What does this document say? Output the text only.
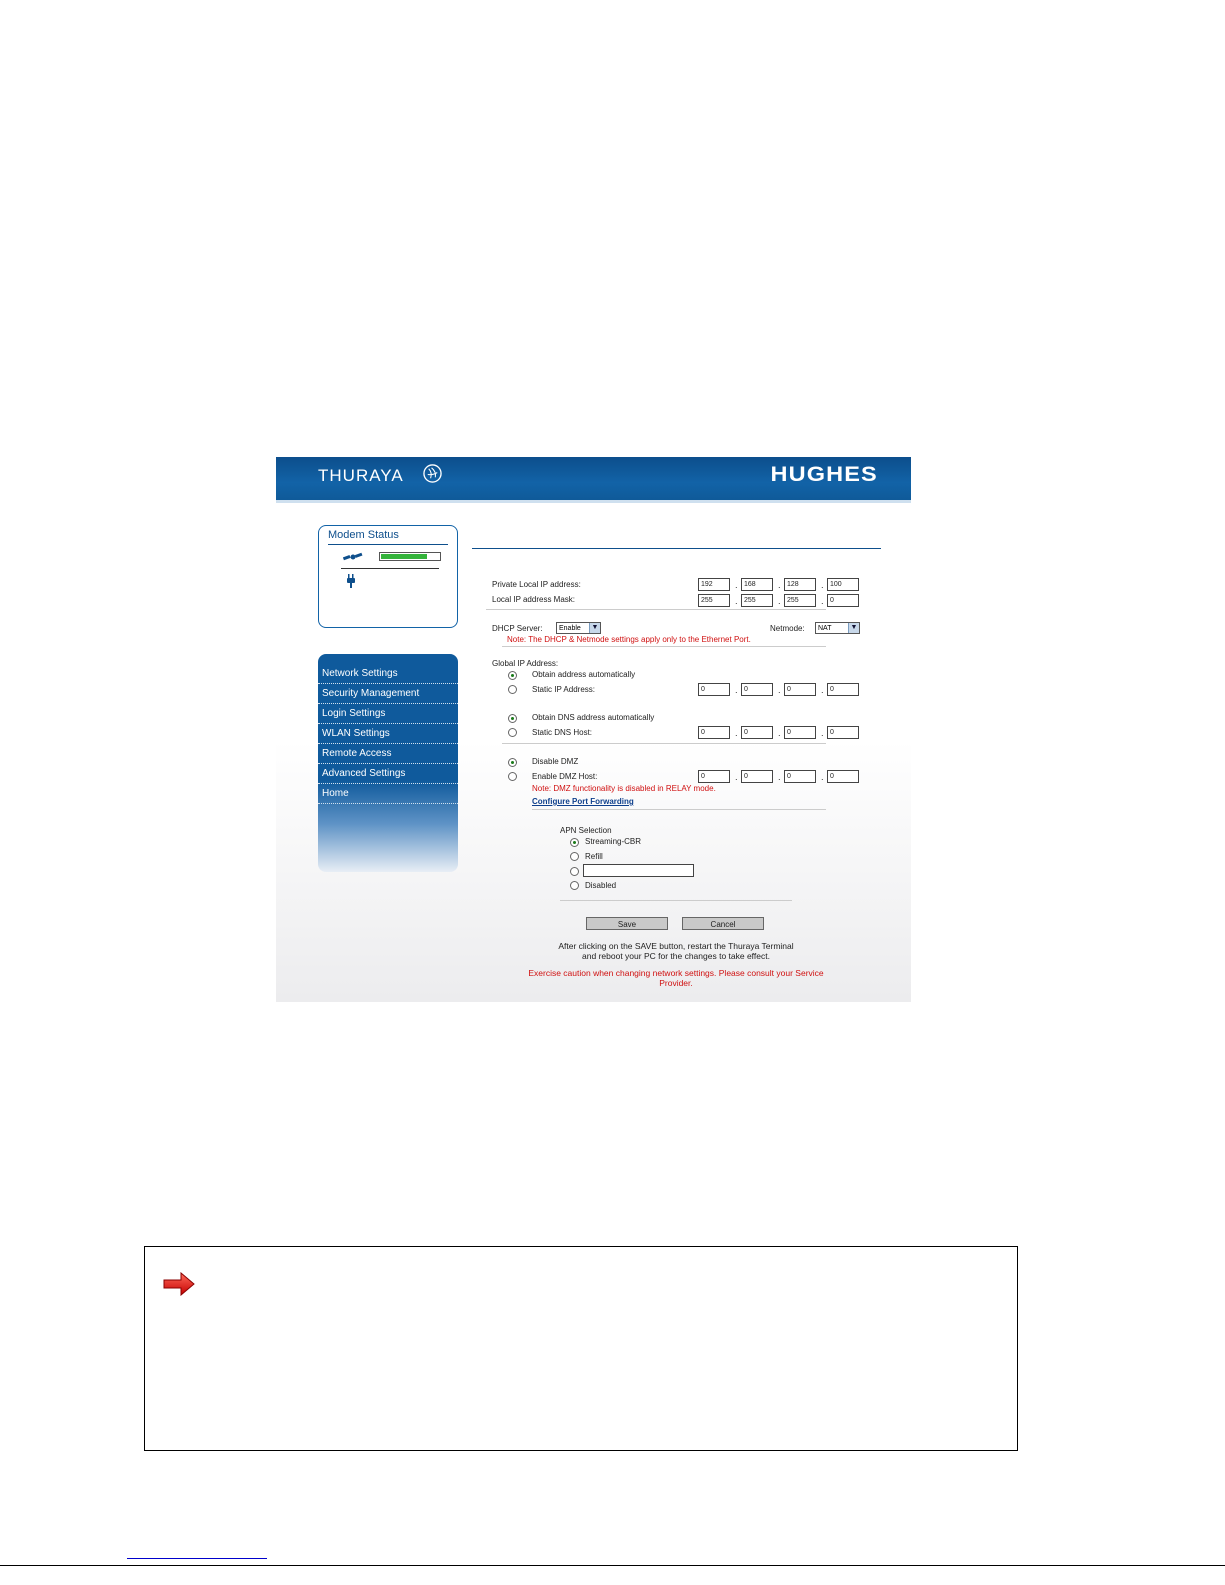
THURAYA	HUGHES
Modem Status
Network Settings
Security Management
Login Settings
WLAN Settings
Remote Access
Advanced Settings
Home
Private Local IP address:	192	. 168	. 128	. 100
Local IP address Mask:	255	. 255	. 255	. 0
DHCP Server:	Enable	▼	Netmode:	NAT	▼
Note: The DHCP & Netmode settings apply only to the Ethernet Port.
Global IP Address:
Obtain address automatically
Static IP Address:	0	. 0	. 0	. 0
Obtain DNS address automatically
Static DNS Host:	0	. 0	. 0	. 0
Disable DMZ
Enable DMZ Host:	0	. 0	. 0	. 0
Note: DMZ functionality is disabled in RELAY mode.
Configure Port Forwarding
APN Selection
Streaming-CBR
Refill
Disabled
Save	Cancel
After clicking on the SAVE button, restart the Thuraya Terminal
and reboot your PC for the changes to take effect.
Exercise caution when changing network settings. Please consult your Service
Provider.
